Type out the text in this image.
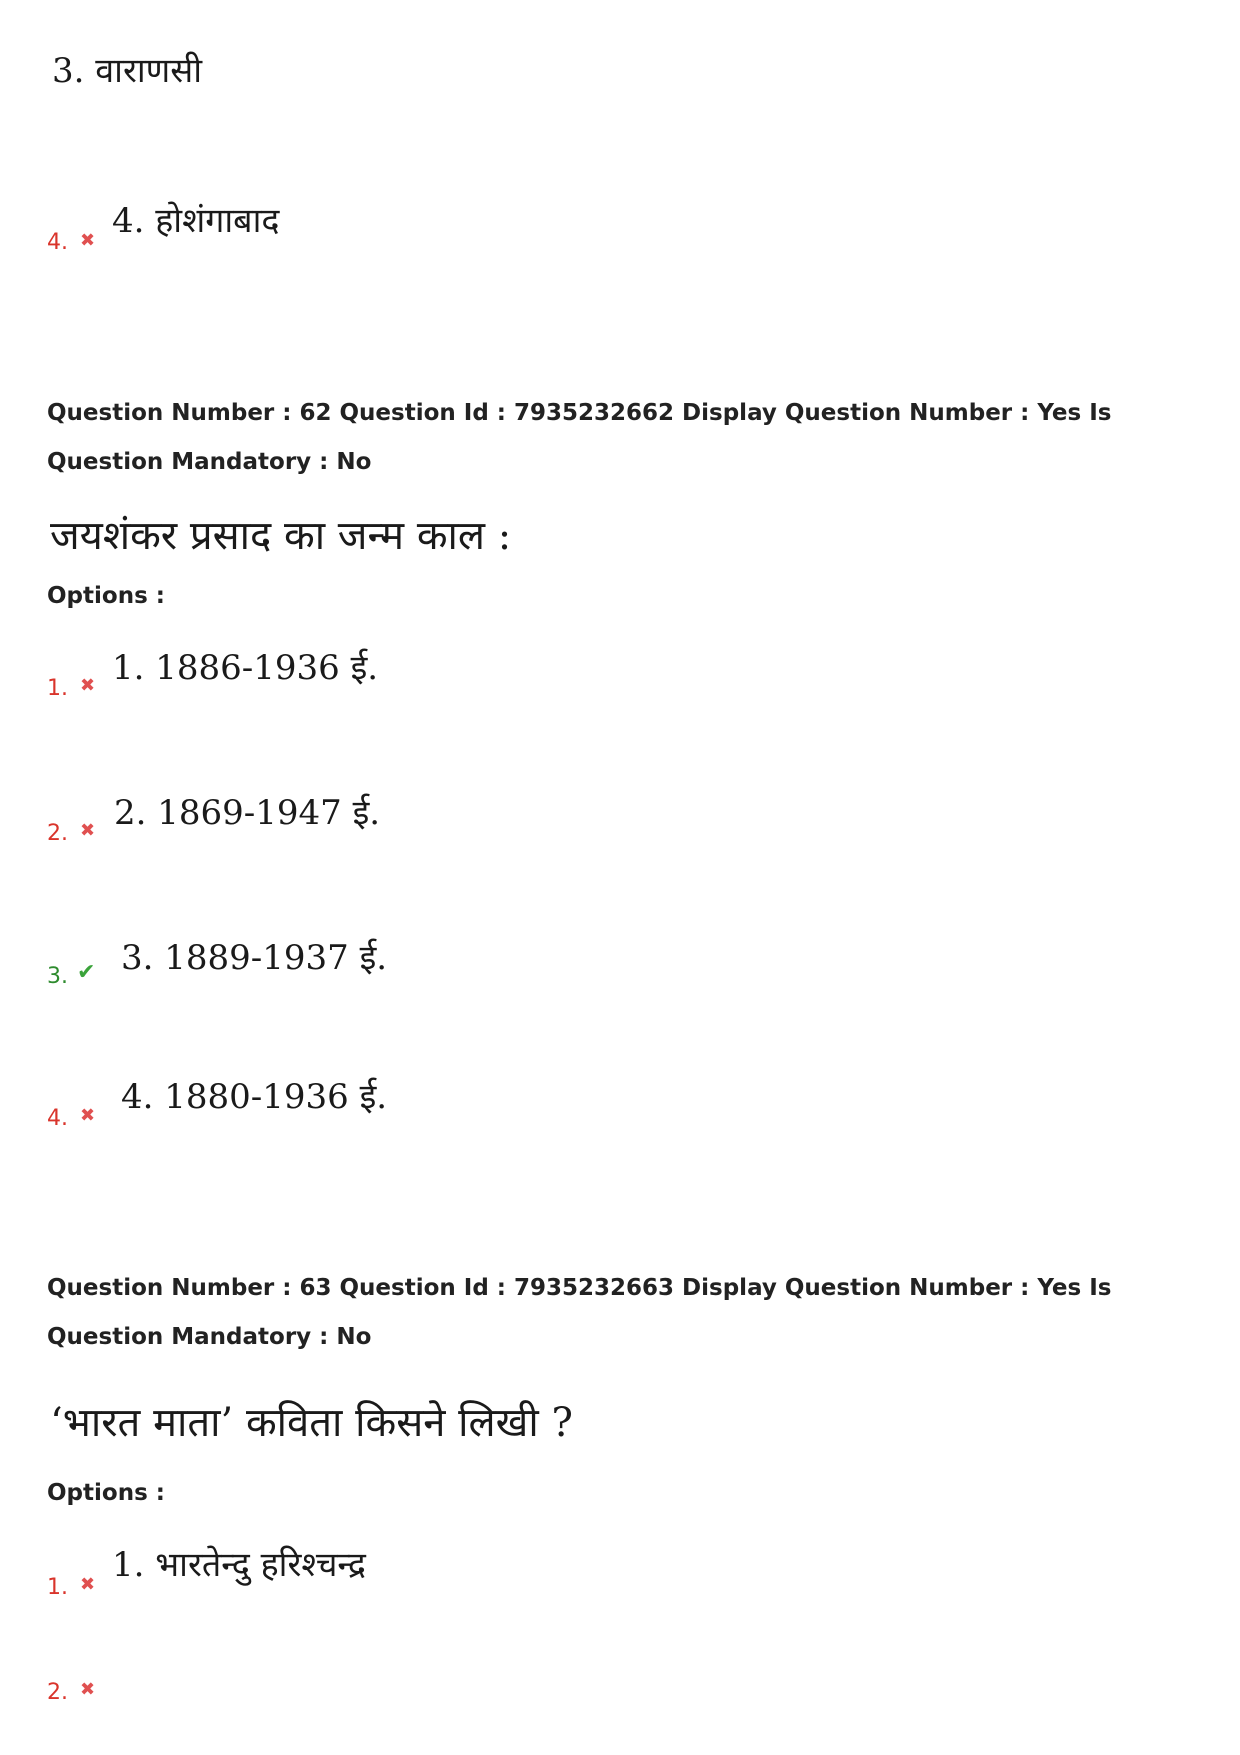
3. वाराणसी
4. ✖ 4. होशंगाबाद
Question Number : 62 Question Id : 7935232662 Display Question Number : Yes Is Question Mandatory : No
जयशंकर प्रसाद का जन्म काल :
Options :
1. ✖ 1. 1886-1936 ई.
2. ✖ 2. 1869-1947 ई.
3. ✔ 3. 1889-1937 ई.
4. ✖ 4. 1880-1936 ई.
Question Number : 63 Question Id : 7935232663 Display Question Number : Yes Is Question Mandatory : No
‘भारत माता’ कविता किसने लिखी ?
Options :
1. ✖ 1. भारतेन्दु हरिश्चन्द्र
2. ✖
